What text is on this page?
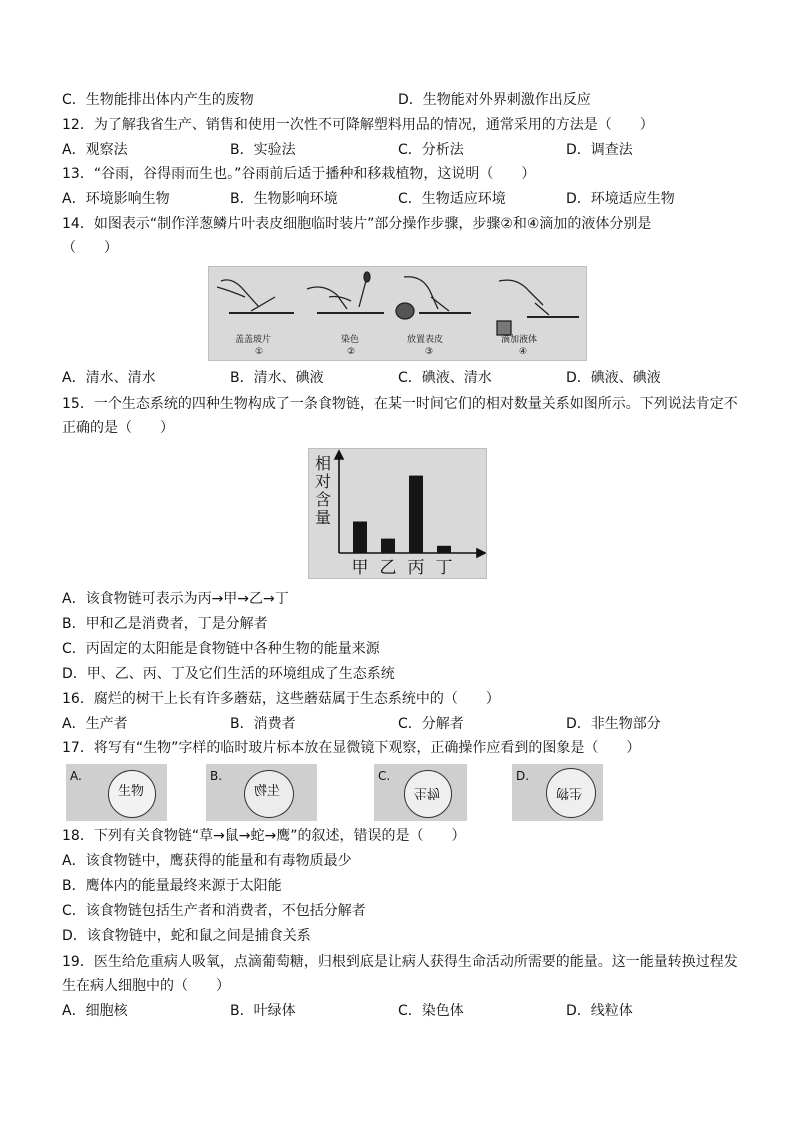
C．生物能排出体内产生的废物	D．生物能对外界刺激作出反应
12．为了解我省生产、销售和使用一次性不可降解塑料用品的情况，通常采用的方法是（　　）
A．观察法	B．实验法	C．分析法	D．调查法
13．“谷雨，谷得雨而生也。”谷雨前后适于播种和移栽植物，这说明（　　）
A．环境影响生物	B．生物影响环境	C．生物适应环境	D．环境适应生物
14．如图表示“制作洋葱鳞片叶表皮细胞临时装片”部分操作步骤，步骤②和④滴加的液体分别是
（　　）
盖盖玻片
①
染色
②
放置表皮
③
滴加液体
④
A．清水、清水	B．清水、碘液	C．碘液、清水	D．碘液、碘液
15．一个生态系统的四种生物构成了一条食物链，在某一时间它们的相对数量关系如图所示。下列说法肯定不
正确的是（　　）
甲 乙 丙 丁
相
对
含
量
A．该食物链可表示为丙→甲→乙→丁
B．甲和乙是消费者，丁是分解者
C．丙固定的太阳能是食物链中各种生物的能量来源
D．甲、乙、丙、丁及它们生活的环境组成了生态系统
16．腐烂的树干上长有许多蘑菇，这些蘑菇属于生态系统中的（　　）
A．生产者	B．消费者	C．分解者	D．非生物部分
17．将写有“生物”字样的临时玻片标本放在显微镜下观察，正确操作应看到的图象是（　　）
A.
生物
B.
生物
C.
生物
D.
生物
18．下列有关食物链“草→鼠→蛇→鹰”的叙述，错误的是（　　）
A．该食物链中，鹰获得的能量和有毒物质最少
B．鹰体内的能量最终来源于太阳能
C．该食物链包括生产者和消费者，不包括分解者
D．该食物链中，蛇和鼠之间是捕食关系
19．医生给危重病人吸氧，点滴葡萄糖，归根到底是让病人获得生命活动所需要的能量。这一能量转换过程发
生在病人细胞中的（　　）
A．细胞核	B．叶绿体	C．染色体	D．线粒体
